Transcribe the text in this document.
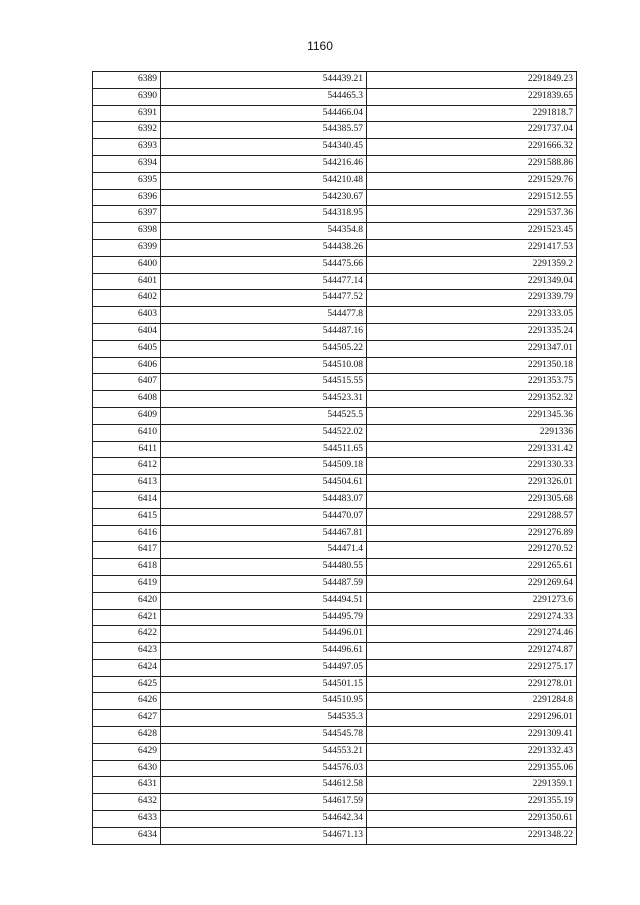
1160
6389	544439.21	2291849.23
6390	544465.3	2291839.65
6391	544466.04	2291818.7
6392	544385.57	2291737.04
6393	544340.45	2291666.32
6394	544216.46	2291588.86
6395	544210.48	2291529.76
6396	544230.67	2291512.55
6397	544318.95	2291537.36
6398	544354.8	2291523.45
6399	544438.26	2291417.53
6400	544475.66	2291359.2
6401	544477.14	2291349.04
6402	544477.52	2291339.79
6403	544477.8	2291333.05
6404	544487.16	2291335.24
6405	544505.22	2291347.01
6406	544510.08	2291350.18
6407	544515.55	2291353.75
6408	544523.31	2291352.32
6409	544525.5	2291345.36
6410	544522.02	2291336
6411	544511.65	2291331.42
6412	544509.18	2291330.33
6413	544504.61	2291326.01
6414	544483.07	2291305.68
6415	544470.07	2291288.57
6416	544467.81	2291276.89
6417	544471.4	2291270.52
6418	544480.55	2291265.61
6419	544487.59	2291269.64
6420	544494.51	2291273.6
6421	544495.79	2291274.33
6422	544496.01	2291274.46
6423	544496.61	2291274.87
6424	544497.05	2291275.17
6425	544501.15	2291278.01
6426	544510.95	2291284.8
6427	544535.3	2291296.01
6428	544545.78	2291309.41
6429	544553.21	2291332.43
6430	544576.03	2291355.06
6431	544612.58	2291359.1
6432	544617.59	2291355.19
6433	544642.34	2291350.61
6434	544671.13	2291348.22
